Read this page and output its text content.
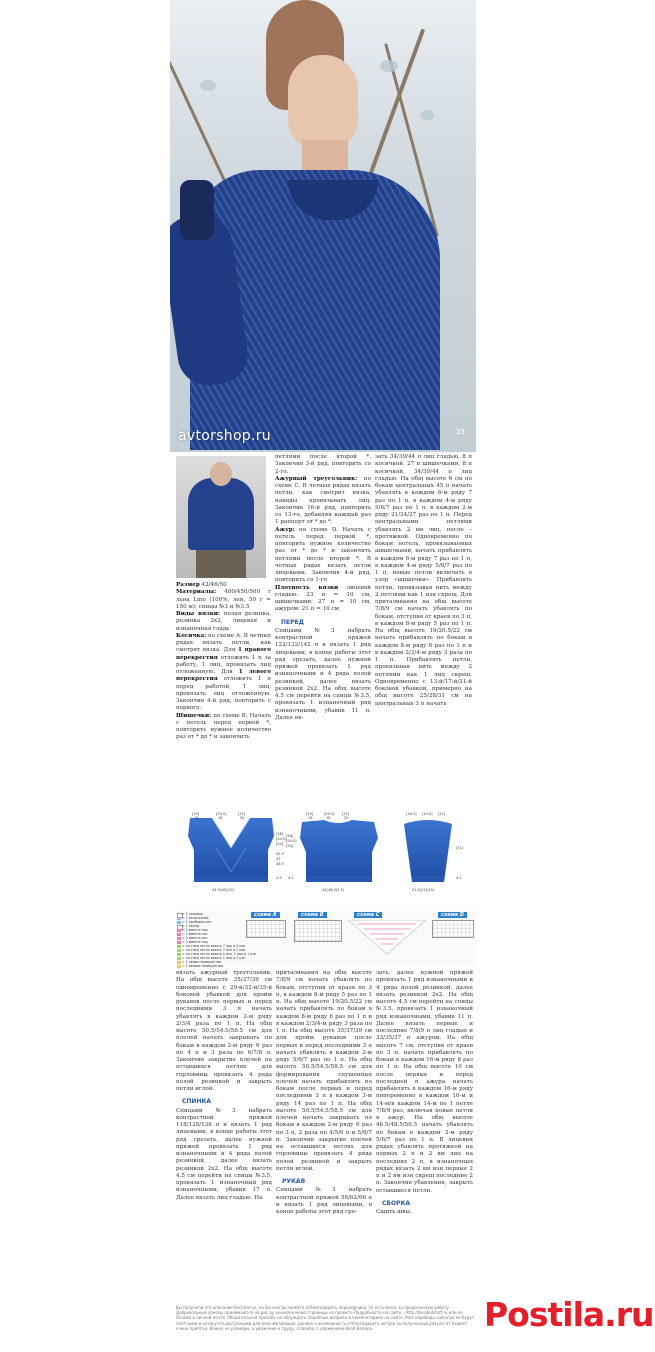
avtorshop.ru	23

Размер 42/46/50

Материалы: 400/450/500 г льна Lino (100%, лен, 50 г = 150 м); спицы №3 и №3.5

Виды вязки: полая резинка, резинка 2х2, лицевая и изнаночная гладь

Косичка: по схеме А. В четных рядах вязать петли, как смотрят вязка. Для 1 правого перекрестия отложить 1 п за работу, 1 лиц, провязать лиц отложенную. Для 1 левого перекрестия отложить 1 п перед работой, 1 лиц, провязать лиц отложенную. Закончив 4-й ряд, повторить с первого.

Шишечки: по схеме В. Начать с петель перед первой *, повторить нужное количество раз от * до * и закончить

петлями после второй *. Закончив 3-й ряд, повторить со 2-го.

Ажурный треугольник: по схеме С. В четных рядах вязать петли, как смотрит вязка, накиды провязывать лиц. Закончив 16-й ряд, повторить со 13-го, добавляя каждый раз 1 раппорт от * до *.

Ажур: по схеме D. Начать с петель перед первой *, повторить нужное количество раз от * до * и закончить петлями после второй *. В четных рядах вязать петли лицевыми. Закончив 4-й ряд, повторить со 1-го

Плотность вязки лицевой гладью: 23 п = 10 см, шишечками: 27 п = 10 см, ажуром: 21 п = 10 см

ПЕРЕД

Спицами №3 набрать контрастной пряжей 122/132/142 п и вязать 1 ряд лицевыми, в конце работы этот ряд срезать, далее нужной пряжей провязать 1 ряд изнаночными и 4 ряда полой резинкой, далее вязать резинкой 2х2. На общ высоте 4.5 см перейти на спицы №3.5, провязать 1 изнаночный ряд изнаночными, убавив 11 п. Далее вя-

зать 34/39/44 п лиц гладью, 8 п косичкой, 27 п шишечками, 8 п косичкой, 34/39/44 п лиц гладью. На общ высоте 6 см по бокам центральных 45 п начать убавлять в каждом 6-м ряду 7 раз по 1 п, в каждом 4-м ряду 5/6/7 раз по 1 п, в каждом 2-м ряду 21/24/27 раз по 1 п. Перед центральными петлями убавлять 2 вм лиц, после – протяжкой. Одновременно по бокам петель, провязываемых шишечками, начать прибавлять в каждом 6-м ряду 7 раз по 1 п, в каждом 4-м ряду 5/6/7 раз по 1 п, новые петли включать в узор «шишечки». Прибавлять петли, провязывая нить между 2 петлями как 1 изн скрещ. Для приталивания на общ высоте 7/8/9 см начать убавлять по бокам, отступив от краев по 3 п, в каждом 8-м ряду 5 раз по 1 п. На общ высоте 19/20.5/22 см начать прибавлять по бокам в каждом 8-м ряду 6 раз по 1 п и в каждом 2/3/4-м ряду 3 раза по 1 п. Прибавлять петли, провязывая нить между 2 петлями как 1 лиц скрещ. Одновременно с 13-й/17-й/21-й боковой убавкой, примерно на общ высоте 25/28/31 см на центральных 3 п начать

[19]	[20.5]	[22]
16	18	20
[58]
[54.5]
[54]
45.5
47
48.5
4.5
44.5(48)(52)
[19]	[20.5] [22]
16	18	20
[58]
[54.5]
[54]
4.5
44(48)(52.5)
[18.5] [19.5] [21]
[51]
4.5
21.5(23)(25)
= 1 лицевая
= 1 изнаночная
= 1 прибавка изн
= 1 накид
= 2 вместе лиц
= 2 вместе изн
= 3 вместе изн
= 3 вместе лиц
= на след петли вязать 7 лиц и 1 изн
= на след петли вязать 7 изн и 1 лиц
= на след петли вязать 1 изн, 1 лиц и 1 изн
= на след петли вязать 1 лиц и 1 изн
= 1 левое перекрестие
= 1 правое перекрестие
схема А	схема В	схема С	схема D

вязать ажурный треугольник. На общ высоте 35/37/39 см одновременно с 29-й/32-й/35-й боковой убавкой для пройм рукавов после первых и перед последними 3 п начать убавлять в каждом 2-м ряду 2/3/4 раза по 1 п. На общ высоте 50.5/54.5/58.5 см для плечей начать закрывать по бокам в каждом 2-м ряду 6 раз по 4 п и 3 раза по 6/7/8 п. Закончив закрытие плечей на оставшихся петлях для горловины провязать 4 ряда полой резинкой и закрыть петли иглой.

СПИНКА

Спицами №3 набрать контрастной пряжей 118/128/138 п и вязать 1 ряд лицевыми, в конце работы этот ряд срезать, далее нужной пряжей провязать 1 ряд изнаночными и 4 ряда полой резинкой, далее вязать резинкой 2х2. На общ высоте 4.5 см перейти на спицы №3.5, провязать 1 изнаночный ряд изнаночными, убавив 17 п. Далее вязать лиц гладью. На

приталивания на общ высоте 7/8/9 см начать убавлять по бокам, отступив от краев по 3 п, в каждом 8-м ряду 5 раз по 1 п. На общ высоте 19/20.5/22 см начать прибавлять по бокам в каждом 8-м ряду 6 раз по 1 п и в каждом 2/3/4-м ряду 3 раза по 1 п. На общ высоте 35/37/39 см для пройм рукавов после первых и перед последними 3 п начать убавлять в каждом 2-м ряду 5/6/7 раз по 1 п. На общ высоте 50.5/54.5/58.5 см для формирования спущенных плечей начать прибавлять по бокам после первых и перед последними 3 п в каждом 3-м ряду 14 раз по 1 п. На общ высоте 50.5/54.5/58.5 см для плечей начать закрывать по бокам в каждом 2-м ряду 6 раз по 3 п, 2 раза по 4/5/6 п и 5/6/7 п. Закончив закрытие плечей на оставшихся петлях для горловины провязать 4 ряда полой резинкой и закрыть петли иглой.

РУКАВ

Спицами №3 набрать контрастной пряжей 58/62/66 п и вязать 1 ряд лицевыми, в конце работы этот ряд сре-

зать, далее нужной пряжей провязать 1 ряд изнаночными и 4 ряда полой резинкой, далее вязать резинкой 2х2. На общ высоте 4.5 см перейти на спицы №3.5, провязать 1 изнаночный ряд изнаночными, убавив 11 п. Далее вязать первые и последние 7/8/9 п лиц гладью и 33/35/37 п ажуром. На общ высоте 7 см, отступив от краев по 3 п, начать прибавлять по бокам в каждом 16-м ряду 8 раз по 1 п. На общ высоте 10 см после первых и перед последней п ажура начать прибавлять в каждом 16-м ряду попеременно в каждом 16-м и 14-м/в каждом 14-м по 1 петле 7/8/9 раз, включая новые петли в ажур. На общ высоте 46.5/48.5/50.5 начать убавлять по бокам в каждом 2-м ряду 5/6/7 раз по 1 п. В лицевых рядах убавлять протяжкой на первых 2 п и 2 вм лиц на последних 2 п, в изнаночных рядах вязать 2 вм изн первые 2 п и 2 вм изн скрещ последние 2 п. Закончив убавления, закрыть оставшиеся петли.

СБОРКА

Сшить швы.

Вы получили это описание бесплатно, но Вы всегда можете отблагодарить переводчика, то есть меня, за проделанную работу. Добровольные взносы принимаются на рис.ру кошелек моей страницы на проекте Подробности на сайте – http://beadedstuff.ru или на Основе в личной почте. Убедительная просьба не обсуждать подобные вопросы в комментариях на сайте. Моя переводы никогда не будут платными и останутся доступными для всех желающих, однако и возможность отблагодарить автора за полученный результат бывает очень приятна. Важно не размеры, а уважение к труду. Спасибо, с уважением Валя Валера	Postila.ru
